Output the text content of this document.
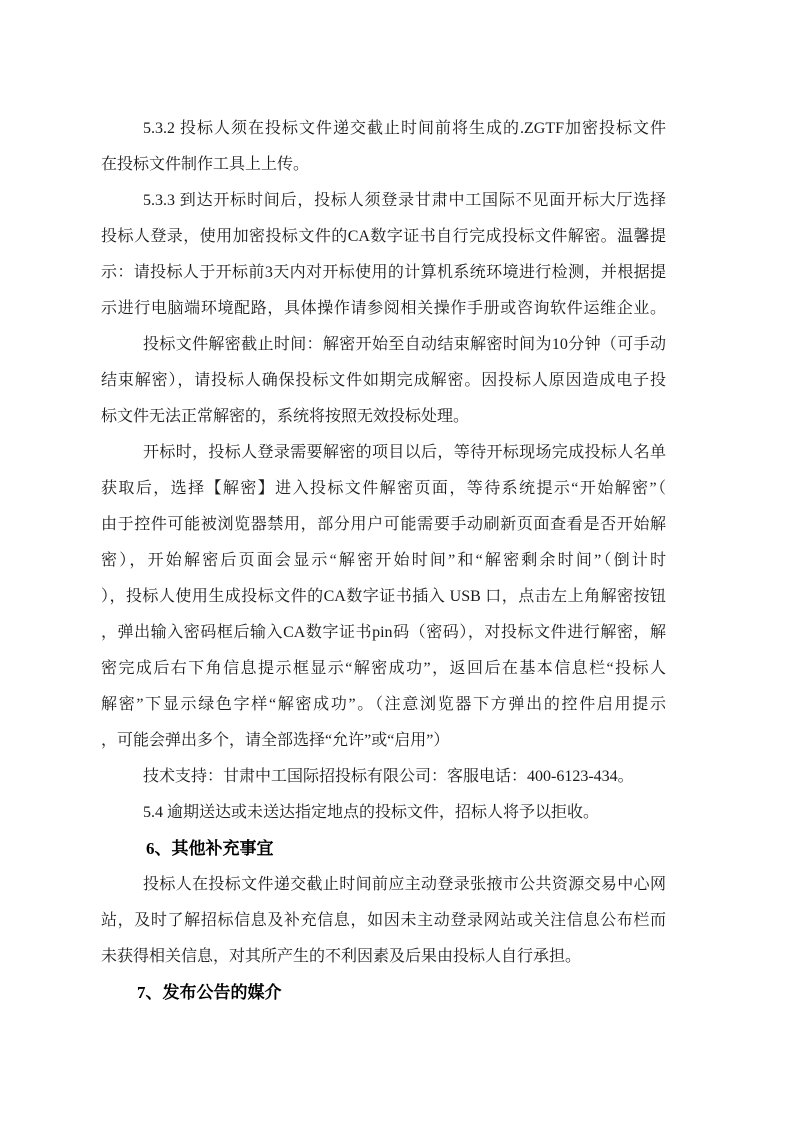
5.3.2 投标人须在投标文件递交截止时间前将生成的.ZGTF加密投标文件
在投标文件制作工具上上传。
5.3.3 到达开标时间后，投标人须登录甘肃中工国际不见面开标大厅选择
投标人登录，使用加密投标文件的CA数字证书自行完成投标文件解密。温馨提
示：请投标人于开标前3天内对开标使用的计算机系统环境进行检测，并根据提
示进行电脑端环境配路，具体操作请参阅相关操作手册或咨询软件运维企业。
投标文件解密截止时间：解密开始至自动结束解密时间为10分钟（可手动
结束解密），请投标人确保投标文件如期完成解密。因投标人原因造成电子投
标文件无法正常解密的，系统将按照无效投标处理。
开标时，投标人登录需要解密的项目以后，等待开标现场完成投标人名单
获取后，选择【解密】进入投标文件解密页面，等待系统提示“开始解密”（
由于控件可能被浏览器禁用，部分用户可能需要手动刷新页面查看是否开始解
密），开始解密后页面会显示“解密开始时间”和“解密剩余时间”（倒计时
），投标人使用生成投标文件的CA数字证书插入 USB 口，点击左上角解密按钮
，弹出输入密码框后输入CA数字证书pin码（密码），对投标文件进行解密，解
密完成后右下角信息提示框显示“解密成功”，返回后在基本信息栏“投标人
解密”下显示绿色字样“解密成功”。（注意浏览器下方弹出的控件启用提示
，可能会弹出多个，请全部选择“允许”或“启用”）
技术支持：甘肃中工国际招投标有限公司：客服电话：400-6123-434。
5.4 逾期送达或未送达指定地点的投标文件，招标人将予以拒收。
6、其他补充事宜
投标人在投标文件递交截止时间前应主动登录张掖市公共资源交易中心网
站，及时了解招标信息及补充信息，如因未主动登录网站或关注信息公布栏而
未获得相关信息，对其所产生的不利因素及后果由投标人自行承担。
7、发布公告的媒介
